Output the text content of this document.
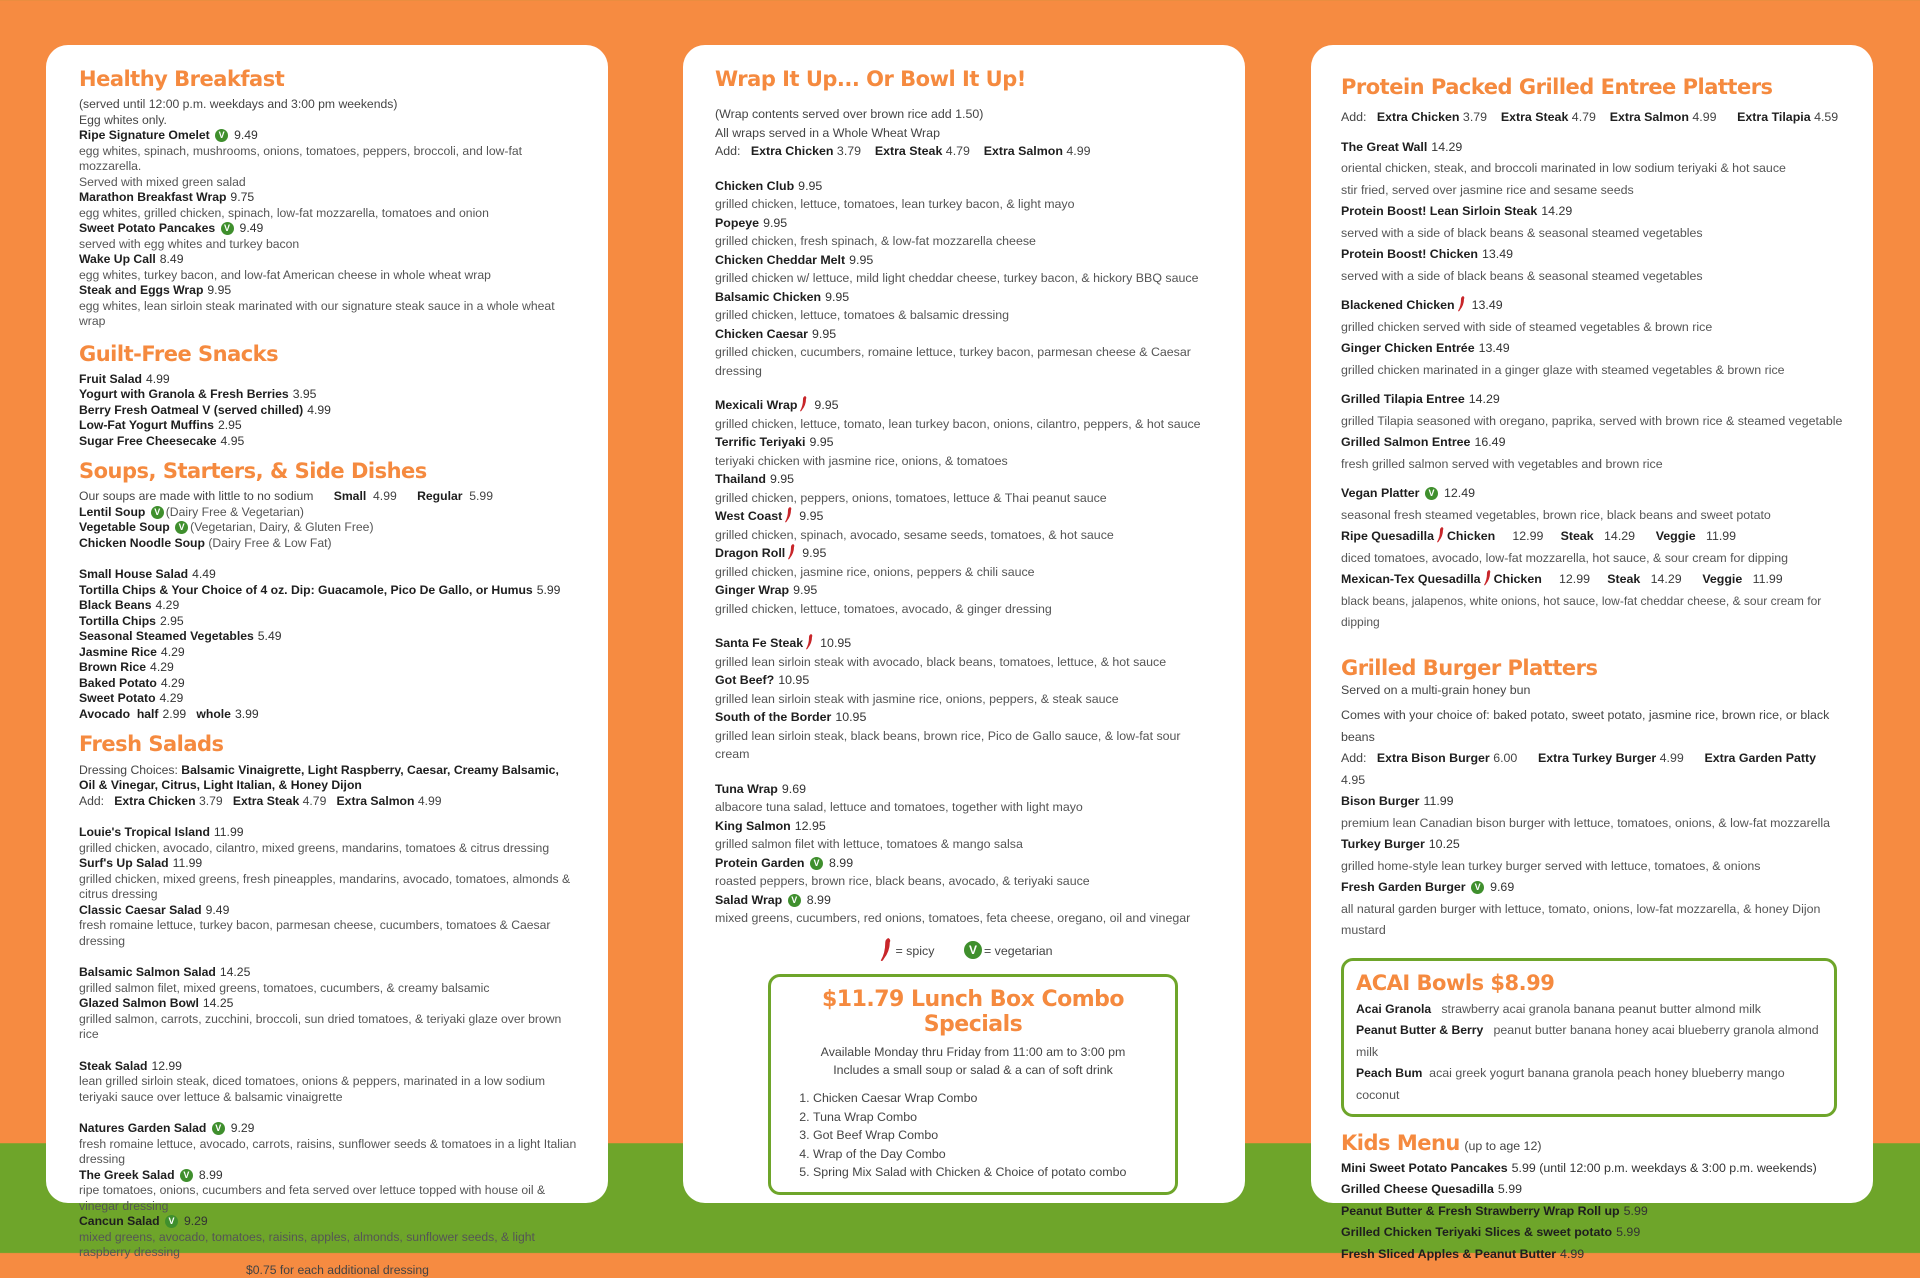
Healthy Breakfast
(served until 12:00 p.m. weekdays and 3:00 pm weekends)
Egg whites only.
Ripe Signature Omelet V 9.49
egg whites, spinach, mushrooms, onions, tomatoes, peppers, broccoli, and low-fat mozzarella.
Served with mixed green salad
Marathon Breakfast Wrap 9.75
egg whites, grilled chicken, spinach, low-fat mozzarella, tomatoes and onion
Sweet Potato Pancakes V 9.49
served with egg whites and turkey bacon
Wake Up Call 8.49
egg whites, turkey bacon, and low-fat American cheese in whole wheat wrap
Steak and Eggs Wrap 9.95
egg whites, lean sirloin steak marinated with our signature steak sauce in a whole wheat wrap
Guilt-Free Snacks
Fruit Salad 4.99
Yogurt with Granola & Fresh Berries 3.95
Berry Fresh Oatmeal V (served chilled) 4.99
Low-Fat Yogurt Muffins 2.95
Sugar Free Cheesecake 4.95
Soups, Starters, & Side Dishes
Our soups are made with little to no sodium Small 4.99 Regular 5.99
Lentil Soup V (Dairy Free & Vegetarian)
Vegetable Soup V (Vegetarian, Dairy, & Gluten Free)
Chicken Noodle Soup (Dairy Free & Low Fat)
Small House Salad 4.49
Tortilla Chips & Your Choice of 4 oz. Dip: Guacamole, Pico De Gallo, or Humus 5.99
Black Beans 4.29
Tortilla Chips 2.95
Seasonal Steamed Vegetables 5.49
Jasmine Rice 4.29
Brown Rice 4.29
Baked Potato 4.29
Sweet Potato 4.29
Avocado half 2.99 whole 3.99
Fresh Salads
Dressing Choices: Balsamic Vinaigrette, Light Raspberry, Caesar, Creamy Balsamic,
Oil & Vinegar, Citrus, Light Italian, & Honey Dijon
Add: Extra Chicken 3.79 Extra Steak 4.79 Extra Salmon 4.99
Louie's Tropical Island 11.99
grilled chicken, avocado, cilantro, mixed greens, mandarins, tomatoes & citrus dressing
Surf's Up Salad 11.99
grilled chicken, mixed greens, fresh pineapples, mandarins, avocado, tomatoes, almonds & citrus dressing
Classic Caesar Salad 9.49
fresh romaine lettuce, turkey bacon, parmesan cheese, cucumbers, tomatoes & Caesar dressing
Balsamic Salmon Salad 14.25
grilled salmon filet, mixed greens, tomatoes, cucumbers, & creamy balsamic
Glazed Salmon Bowl 14.25
grilled salmon, carrots, zucchini, broccoli, sun dried tomatoes, & teriyaki glaze over brown rice
Steak Salad 12.99
lean grilled sirloin steak, diced tomatoes, onions & peppers, marinated in a low sodium teriyaki sauce over lettuce & balsamic vinaigrette
Natures Garden Salad V 9.29
fresh romaine lettuce, avocado, carrots, raisins, sunflower seeds & tomatoes in a light Italian dressing
The Greek Salad V 8.99
ripe tomatoes, onions, cucumbers and feta served over lettuce topped with house oil & vinegar dressing
Cancun Salad V 9.29
mixed greens, avocado, tomatoes, raisins, apples, almonds, sunflower seeds, & light raspberry dressing
$0.75 for each additional dressing
Wrap It Up... Or Bowl It Up!
(Wrap contents served over brown rice add 1.50)
All wraps served in a Whole Wheat Wrap
Add: Extra Chicken 3.79 Extra Steak 4.79 Extra Salmon 4.99
Chicken Club 9.95
grilled chicken, lettuce, tomatoes, lean turkey bacon, & light mayo
Popeye 9.95
grilled chicken, fresh spinach, & low-fat mozzarella cheese
Chicken Cheddar Melt 9.95
grilled chicken w/ lettuce, mild light cheddar cheese, turkey bacon, & hickory BBQ sauce
Balsamic Chicken 9.95
grilled chicken, lettuce, tomatoes & balsamic dressing
Chicken Caesar 9.95
grilled chicken, cucumbers, romaine lettuce, turkey bacon, parmesan cheese & Caesar dressing
Mexicali Wrap 9.95
grilled chicken, lettuce, tomato, lean turkey bacon, onions, cilantro, peppers, & hot sauce
Terrific Teriyaki 9.95
teriyaki chicken with jasmine rice, onions, & tomatoes
Thailand 9.95
grilled chicken, peppers, onions, tomatoes, lettuce & Thai peanut sauce
West Coast 9.95
grilled chicken, spinach, avocado, sesame seeds, tomatoes, & hot sauce
Dragon Roll 9.95
grilled chicken, jasmine rice, onions, peppers & chili sauce
Ginger Wrap 9.95
grilled chicken, lettuce, tomatoes, avocado, & ginger dressing
Santa Fe Steak 10.95
grilled lean sirloin steak with avocado, black beans, tomatoes, lettuce, & hot sauce
Got Beef? 10.95
grilled lean sirloin steak with jasmine rice, onions, peppers, & steak sauce
South of the Border 10.95
grilled lean sirloin steak, black beans, brown rice, Pico de Gallo sauce, & low-fat sour cream
Tuna Wrap 9.69
albacore tuna salad, lettuce and tomatoes, together with light mayo
King Salmon 12.95
grilled salmon filet with lettuce, tomatoes & mango salsa
Protein Garden V 8.99
roasted peppers, brown rice, black beans, avocado, & teriyaki sauce
Salad Wrap V 8.99
mixed greens, cucumbers, red onions, tomatoes, feta cheese, oregano, oil and vinegar
= spicy	V = vegetarian
$11.79 Lunch Box Combo Specials
Available Monday thru Friday from 11:00 am to 3:00 pm
Includes a small soup or salad & a can of soft drink
1. Chicken Caesar Wrap Combo
2. Tuna Wrap Combo
3. Got Beef Wrap Combo
4. Wrap of the Day Combo
5. Spring Mix Salad with Chicken & Choice of potato combo
Protein Packed Grilled Entree Platters
Add: Extra Chicken 3.79 Extra Steak 4.79 Extra Salmon 4.99 Extra Tilapia 4.59
The Great Wall 14.29
oriental chicken, steak, and broccoli marinated in low sodium teriyaki & hot sauce
stir fried, served over jasmine rice and sesame seeds
Protein Boost! Lean Sirloin Steak 14.29
served with a side of black beans & seasonal steamed vegetables
Protein Boost! Chicken 13.49
served with a side of black beans & seasonal steamed vegetables
Blackened Chicken 13.49
grilled chicken served with side of steamed vegetables & brown rice
Ginger Chicken Entrée 13.49
grilled chicken marinated in a ginger glaze with steamed vegetables & brown rice
Grilled Tilapia Entree 14.29
grilled Tilapia seasoned with oregano, paprika, served with brown rice & steamed vegetable
Grilled Salmon Entree 16.49
fresh grilled salmon served with vegetables and brown rice
Vegan Platter V 12.49
seasonal fresh steamed vegetables, brown rice, black beans and sweet potato
Ripe Quesadilla Chicken 12.99 Steak 14.29 Veggie 11.99
diced tomatoes, avocado, low-fat mozzarella, hot sauce, & sour cream for dipping
Mexican-Tex Quesadilla Chicken 12.99 Steak 14.29 Veggie 11.99
black beans, jalapenos, white onions, hot sauce, low-fat cheddar cheese, & sour cream for dipping
Grilled Burger Platters
Served on a multi-grain honey bun
Comes with your choice of: baked potato, sweet potato, jasmine rice, brown rice, or black beans
Add: Extra Bison Burger 6.00 Extra Turkey Burger 4.99 Extra Garden Patty 4.95
Bison Burger 11.99
premium lean Canadian bison burger with lettuce, tomatoes, onions, & low-fat mozzarella
Turkey Burger 10.25
grilled home-style lean turkey burger served with lettuce, tomatoes, & onions
Fresh Garden Burger V 9.69
all natural garden burger with lettuce, tomato, onions, low-fat mozzarella, & honey Dijon mustard
ACAI Bowls $8.99
Acai Granola strawberry acai granola banana peanut butter almond milk
Peanut Butter & Berry peanut butter banana honey acai blueberry granola almond milk
Peach Bum acai greek yogurt banana granola peach honey blueberry mango coconut
Kids Menu (up to age 12)
Mini Sweet Potato Pancakes 5.99 (until 12:00 p.m. weekdays & 3:00 p.m. weekends)
Grilled Cheese Quesadilla 5.99
Peanut Butter & Fresh Strawberry Wrap Roll up 5.99
Grilled Chicken Teriyaki Slices & sweet potato 5.99
Fresh Sliced Apples & Peanut Butter 4.99
